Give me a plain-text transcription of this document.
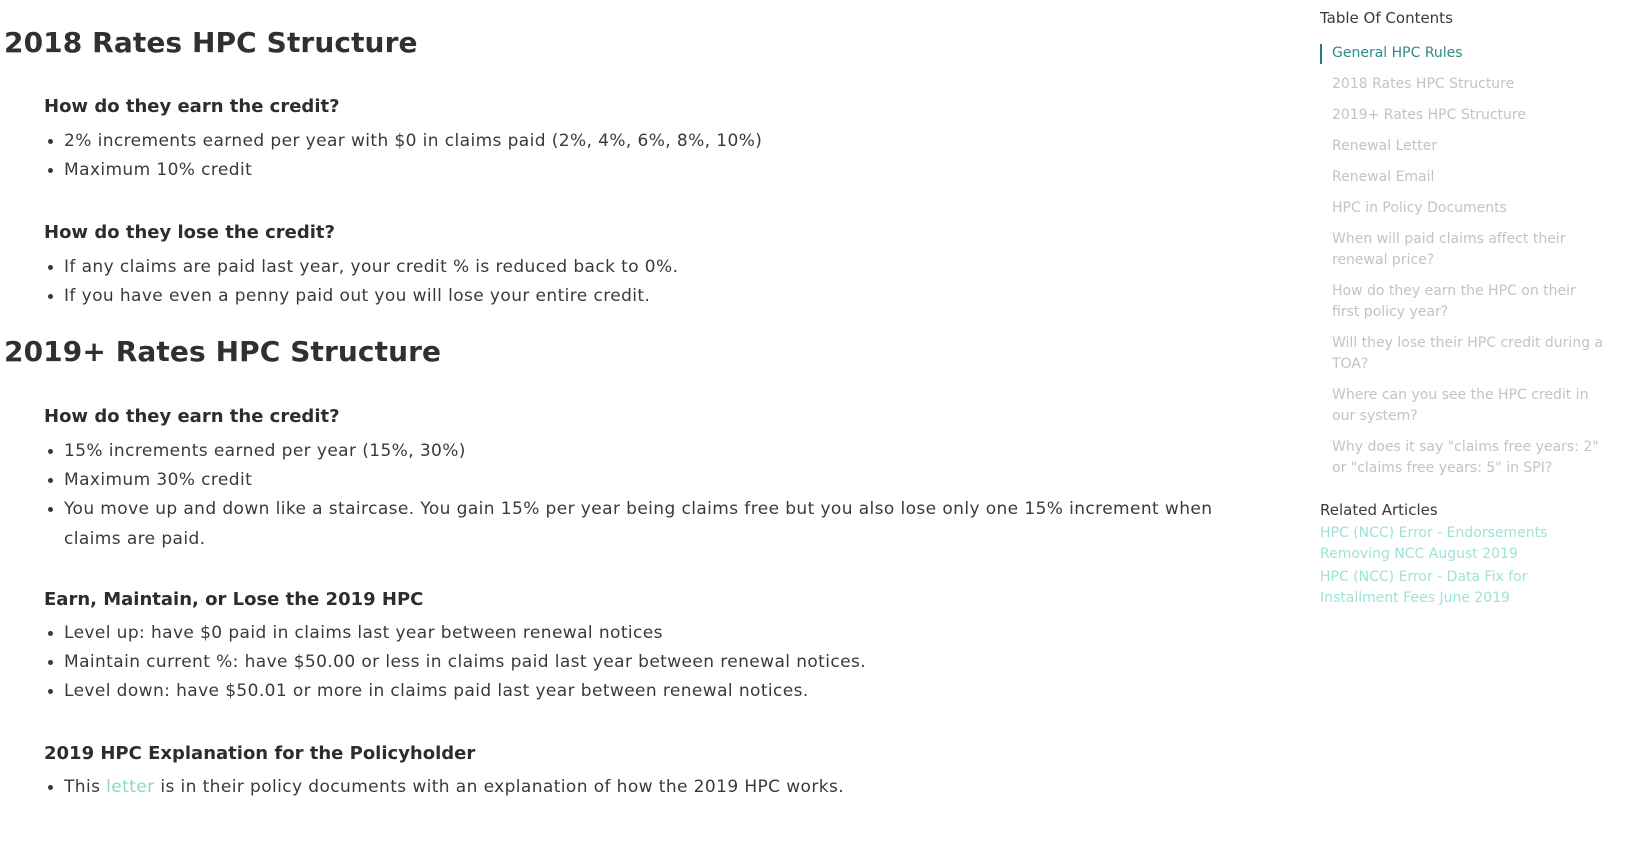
2018 Rates HPC Structure
How do they earn the credit?
2% increments earned per year with $0 in claims paid (2%, 4%, 6%, 8%, 10%)
Maximum 10% credit
How do they lose the credit?
If any claims are paid last year, your credit % is reduced back to 0%.
If you have even a penny paid out you will lose your entire credit.
2019+ Rates HPC Structure
How do they earn the credit?
15% increments earned per year (15%, 30%)
Maximum 30% credit
You move up and down like a staircase. You gain 15% per year being claims free but you also lose only one 15% increment when claims are paid.
Earn, Maintain, or Lose the 2019 HPC
Level up: have $0 paid in claims last year between renewal notices
Maintain current %: have $50.00 or less in claims paid last year between renewal notices.
Level down: have $50.01 or more in claims paid last year between renewal notices.
2019 HPC Explanation for the Policyholder
This letter is in their policy documents with an explanation of how the 2019 HPC works.
Table Of Contents
General HPC Rules
2018 Rates HPC Structure
2019+ Rates HPC Structure
Renewal Letter
Renewal Email
HPC in Policy Documents
When will paid claims affect their renewal price?
How do they earn the HPC on their first policy year?
Will they lose their HPC credit during a TOA?
Where can you see the HPC credit in our system?
Why does it say "claims free years: 2" or "claims free years: 5" in SPI?
Related Articles
HPC (NCC) Error - Endorsements Removing NCC August 2019
HPC (NCC) Error - Data Fix for Installment Fees June 2019
